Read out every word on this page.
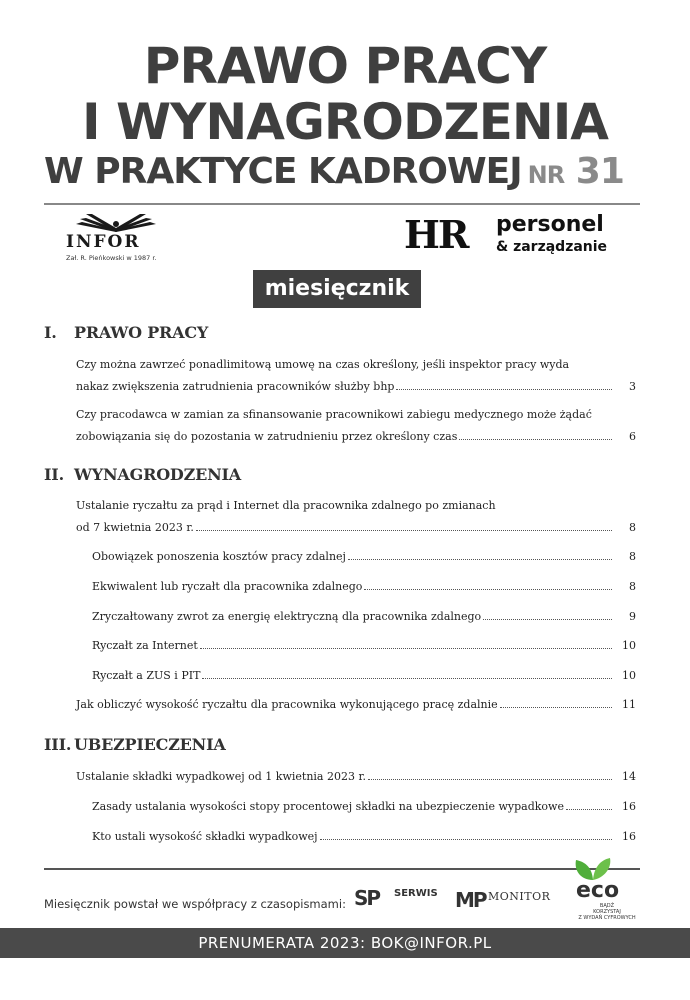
PRAWO PRACY
I WYNAGRODZENIA
W PRAKTYCE KADROWEJ NR 31
INFOR
Zał. R. Pieńkowski w 1987 r.
HR personel
& zarządzanie
miesięcznik
I. PRAWO PRACY
Czy można zawrzeć ponadlimitową umowę na czas określony, jeśli inspektor pracy wyda
nakaz zwiększenia zatrudnienia pracowników służby bhp	3
Czy pracodawca w zamian za sfinansowanie pracownikowi zabiegu medycznego może żądać
zobowiązania się do pozostania w zatrudnieniu przez określony czas	6
II. WYNAGRODZENIA
Ustalanie ryczałtu za prąd i Internet dla pracownika zdalnego po zmianach
od 7 kwietnia 2023 r.	8
Obowiązek ponoszenia kosztów pracy zdalnej	8
Ekwiwalent lub ryczałt dla pracownika zdalnego	8
Zryczałtowany zwrot za energię elektryczną dla pracownika zdalnego	9
Ryczałt za Internet	10
Ryczałt a ZUS i PIT	10
Jak obliczyć wysokość ryczałtu dla pracownika wykonującego pracę zdalnie	11
III. UBEZPIECZENIA
Ustalanie składki wypadkowej od 1 kwietnia 2023 r.	14
Zasady ustalania wysokości stopy procentowej składki na ubezpieczenie wypadkowe	16
Kto ustali wysokość składki wypadkowej	16
Miesięcznik powstał we współpracy z czasopismami: SP SERWIS MP MONITOR eco
BĄDŹ
KORZYSTAJ
Z WYDAŃ CYFROWYCH
PRENUMERATA 2023: BOK@INFOR.PL
